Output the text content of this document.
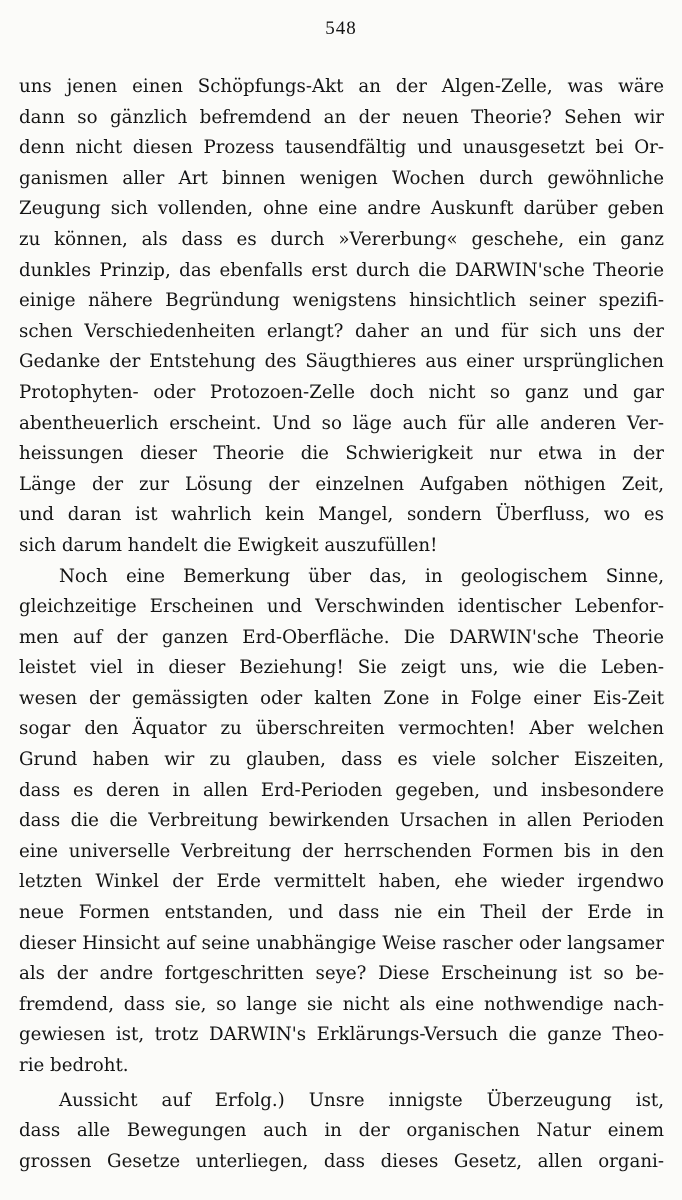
548
uns jenen einen Schöpfungs-Akt an der Algen-Zelle, was wäre
dann so gänzlich befremdend an der neuen Theorie? Sehen wir
denn nicht diesen Prozess tausendfältig und unausgesetzt bei Or-
ganismen aller Art binnen wenigen Wochen durch gewöhnliche
Zeugung sich vollenden, ohne eine andre Auskunft darüber geben
zu können, als dass es durch »Vererbung« geschehe, ein ganz
dunkles Prinzip, das ebenfalls erst durch die DARWIN'sche Theorie
einige nähere Begründung wenigstens hinsichtlich seiner spezifi-
schen Verschiedenheiten erlangt? daher an und für sich uns der
Gedanke der Entstehung des Säugthieres aus einer ursprünglichen
Protophyten- oder Protozoen-Zelle doch nicht so ganz und gar
abentheuerlich erscheint. Und so läge auch für alle anderen Ver-
heissungen dieser Theorie die Schwierigkeit nur etwa in der
Länge der zur Lösung der einzelnen Aufgaben nöthigen Zeit,
und daran ist wahrlich kein Mangel, sondern Überfluss, wo es
sich darum handelt die Ewigkeit auszufüllen!
Noch eine Bemerkung über das, in geologischem Sinne,
gleichzeitige Erscheinen und Verschwinden identischer Lebenfor-
men auf der ganzen Erd-Oberfläche. Die DARWIN'sche Theorie
leistet viel in dieser Beziehung! Sie zeigt uns, wie die Leben-
wesen der gemässigten oder kalten Zone in Folge einer Eis-Zeit
sogar den Äquator zu überschreiten vermochten! Aber welchen
Grund haben wir zu glauben, dass es viele solcher Eiszeiten,
dass es deren in allen Erd-Perioden gegeben, und insbesondere
dass die die Verbreitung bewirkenden Ursachen in allen Perioden
eine universelle Verbreitung der herrschenden Formen bis in den
letzten Winkel der Erde vermittelt haben, ehe wieder irgendwo
neue Formen entstanden, und dass nie ein Theil der Erde in
dieser Hinsicht auf seine unabhängige Weise rascher oder langsamer
als der andre fortgeschritten seye? Diese Erscheinung ist so be-
fremdend, dass sie, so lange sie nicht als eine nothwendige nach-
gewiesen ist, trotz DARWIN's Erklärungs-Versuch die ganze Theo-
rie bedroht.
Aussicht auf Erfolg.) Unsre innigste Überzeugung ist,
dass alle Bewegungen auch in der organischen Natur einem
grossen Gesetze unterliegen, dass dieses Gesetz, allen organi-
